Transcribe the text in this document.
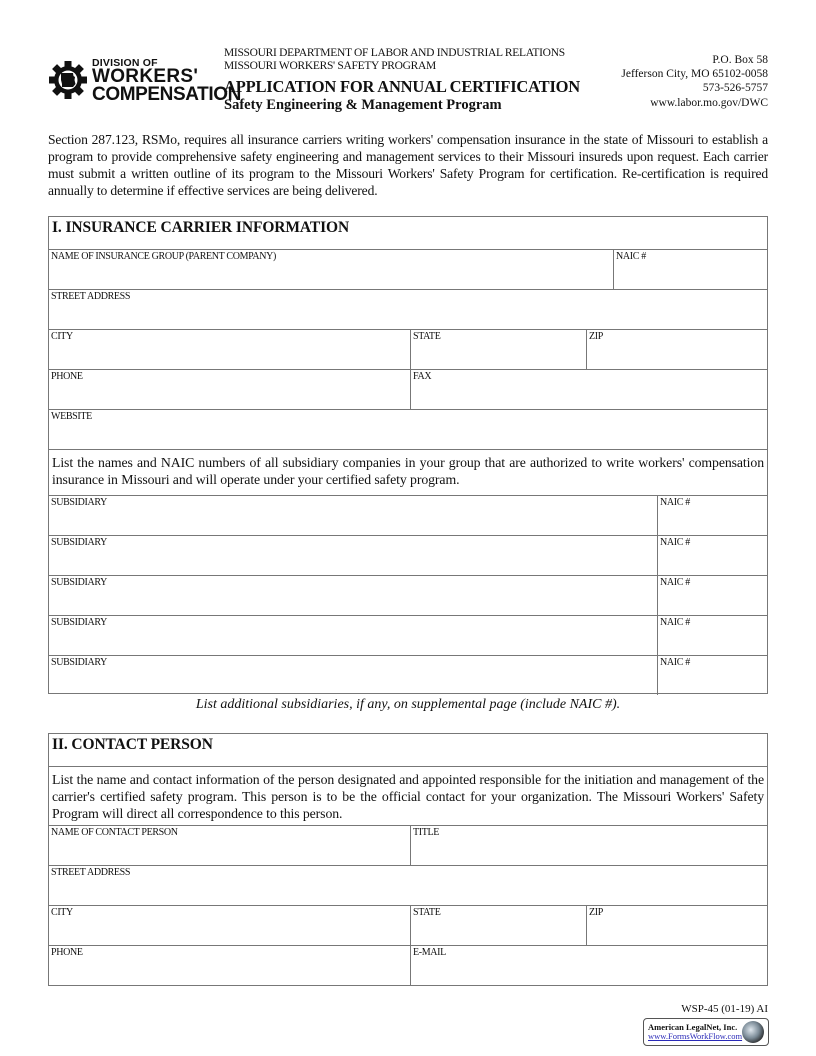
DIVISION OF
WORKERS'
COMPENSATION
MISSOURI DEPARTMENT OF LABOR AND INDUSTRIAL RELATIONS
MISSOURI WORKERS' SAFETY PROGRAM
APPLICATION FOR ANNUAL CERTIFICATION
Safety Engineering & Management Program
P.O. Box 58
Jefferson City, MO 65102-0058
573-526-5757
www.labor.mo.gov/DWC
Section 287.123, RSMo, requires all insurance carriers writing workers' compensation insurance in the state of Missouri to establish a program to provide comprehensive safety engineering and management services to their Missouri insureds upon request. Each carrier must submit a written outline of its program to the Missouri Workers' Safety Program for certification. Re-certification is required annually to determine if effective services are being delivered.
I. INSURANCE CARRIER INFORMATION
NAME OF INSURANCE GROUP (PARENT COMPANY)	NAIC #
STREET ADDRESS
CITY	STATE	ZIP
PHONE	FAX
WEBSITE
List the names and NAIC numbers of all subsidiary companies in your group that are authorized to write workers' compensation insurance in Missouri and will operate under your certified safety program.
SUBSIDIARY	NAIC #
SUBSIDIARY	NAIC #
SUBSIDIARY	NAIC #
SUBSIDIARY	NAIC #
SUBSIDIARY	NAIC #
List additional subsidiaries, if any, on supplemental page (include NAIC #).
II. CONTACT PERSON
List the name and contact information of the person designated and appointed responsible for the initiation and management of the carrier's certified safety program. This person is to be the official contact for your organization. The Missouri Workers' Safety Program will direct all correspondence to this person.
NAME OF CONTACT PERSON	TITLE
STREET ADDRESS
CITY	STATE	ZIP
PHONE	E-MAIL
WSP-45 (01-19) AI
American LegalNet, Inc.
www.FormsWorkFlow.com
